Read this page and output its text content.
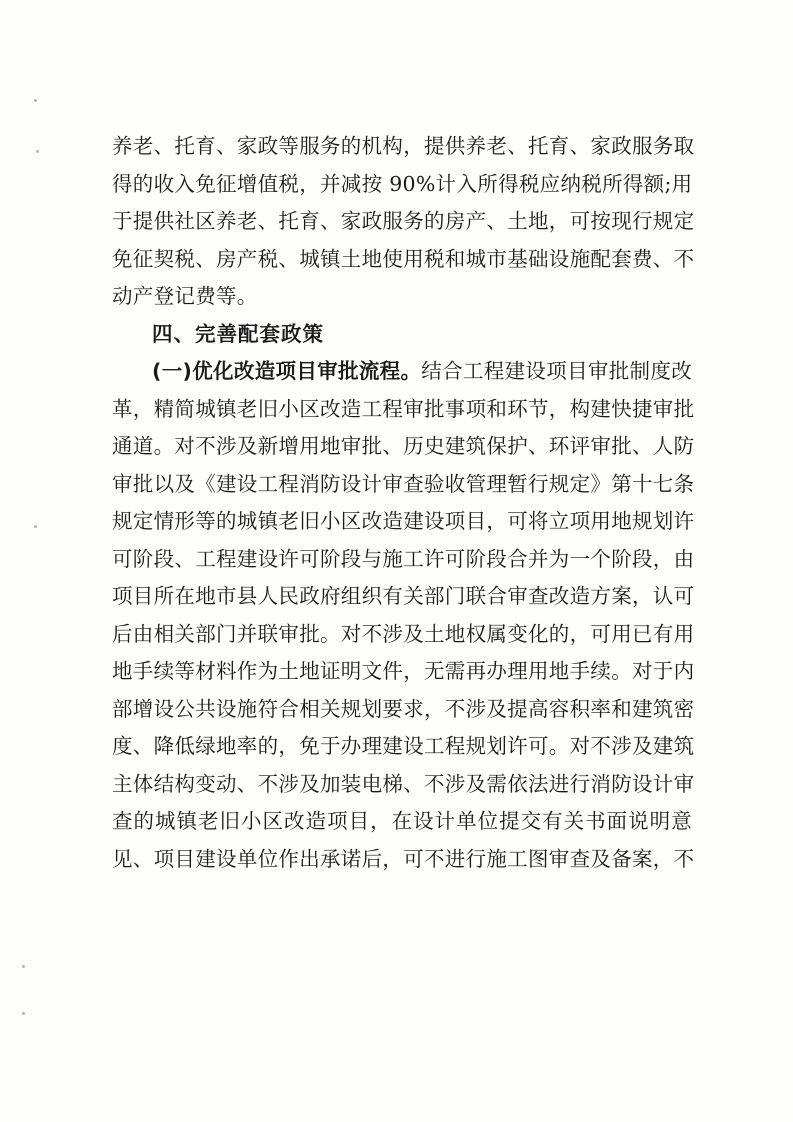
养老、托育、家政等服务的机构，提供养老、托育、家政服务取
得的收入免征增值税，并减按 90%计入所得税应纳税所得额;用
于提供社区养老、托育、家政服务的房产、土地，可按现行规定
免征契税、房产税、城镇土地使用税和城市基础设施配套费、不
动产登记费等。
四、完善配套政策
(一)优化改造项目审批流程。结合工程建设项目审批制度改
革，精简城镇老旧小区改造工程审批事项和环节，构建快捷审批
通道。对不涉及新增用地审批、历史建筑保护、环评审批、人防
审批以及《建设工程消防设计审查验收管理暂行规定》第十七条
规定情形等的城镇老旧小区改造建设项目，可将立项用地规划许
可阶段、工程建设许可阶段与施工许可阶段合并为一个阶段，由
项目所在地市县人民政府组织有关部门联合审查改造方案，认可
后由相关部门并联审批。对不涉及土地权属变化的，可用已有用
地手续等材料作为土地证明文件，无需再办理用地手续。对于内
部增设公共设施符合相关规划要求，不涉及提高容积率和建筑密
度、降低绿地率的，免于办理建设工程规划许可。对不涉及建筑
主体结构变动、不涉及加装电梯、不涉及需依法进行消防设计审
查的城镇老旧小区改造项目，在设计单位提交有关书面说明意
见、项目建设单位作出承诺后，可不进行施工图审查及备案，不
